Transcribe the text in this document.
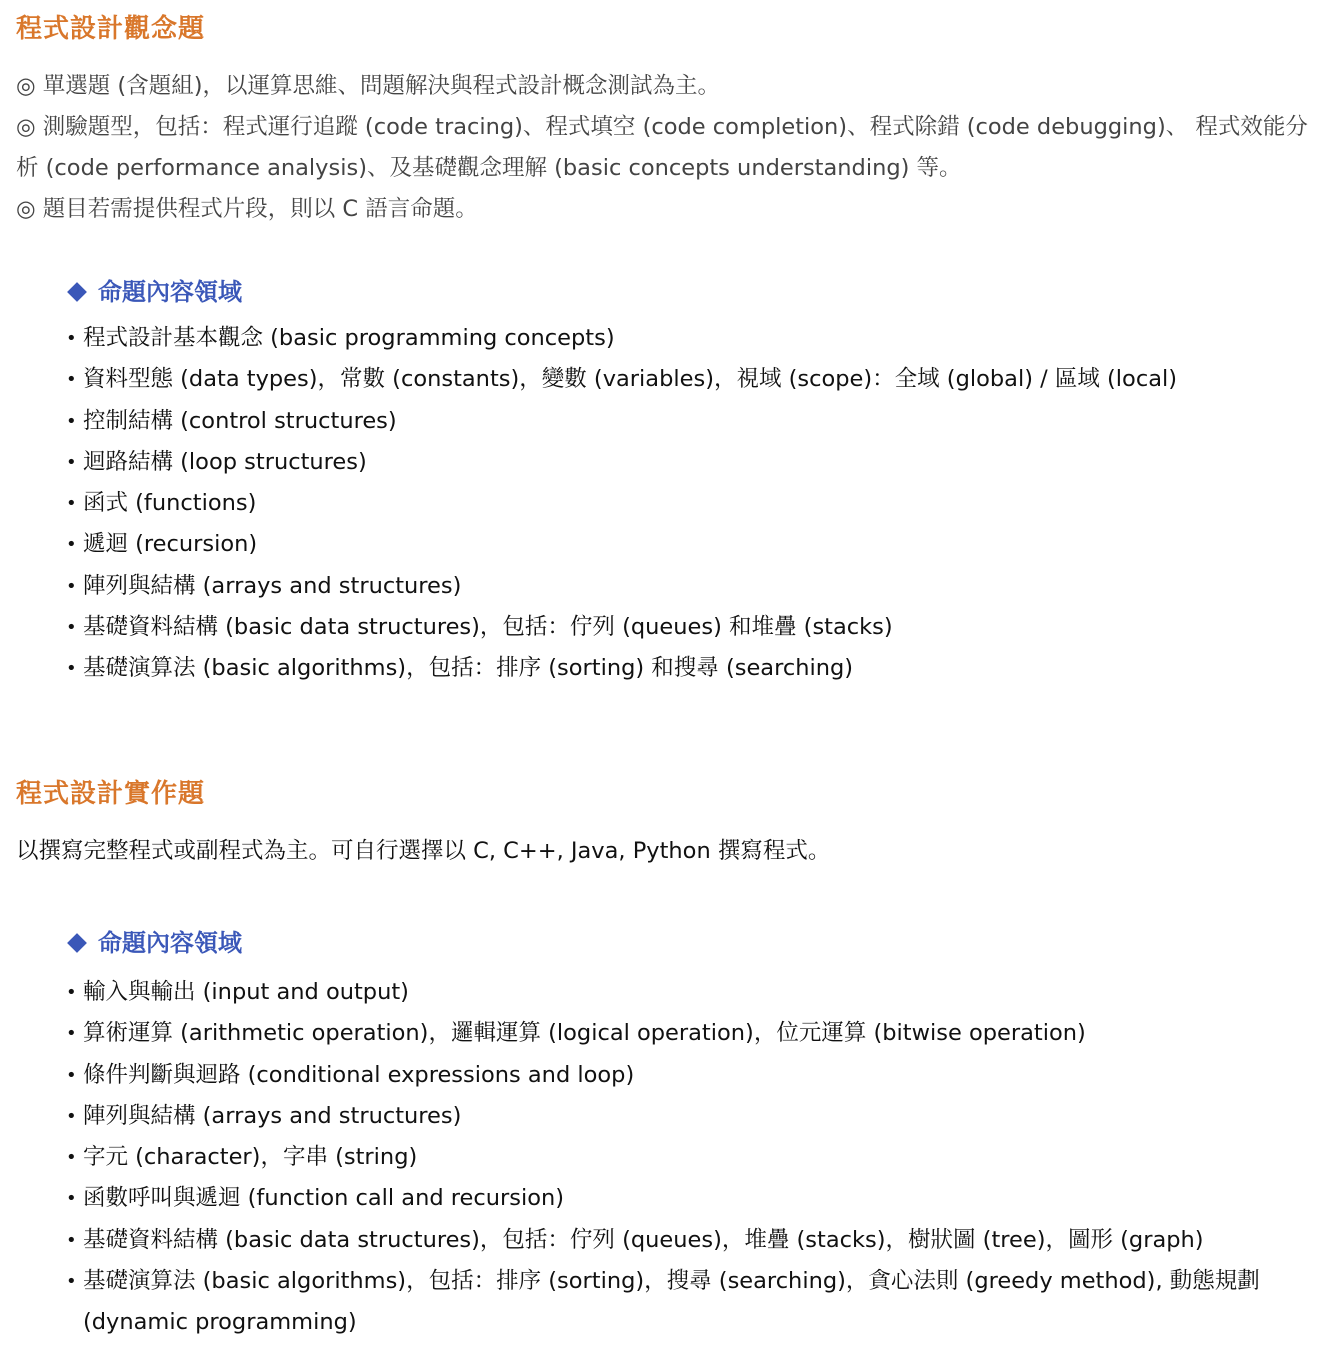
程式設計觀念題

◎ 單選題 (含題組)，以運算思維、問題解決與程式設計概念測試為主。

◎ 測驗題型，包括：程式運行追蹤 (code tracing)、程式填空 (code completion)、程式除錯 (code debugging)、 程式效能分析 (code performance analysis)、及基礎觀念理解 (basic concepts understanding) 等。

◎ 題目若需提供程式片段，則以 C 語言命題。

命題內容領域
• 程式設計基本觀念 (basic programming concepts)
• 資料型態 (data types)，常數 (constants)，變數 (variables)，視域 (scope)：全域 (global) / 區域 (local)
• 控制結構 (control structures)
• 迴路結構 (loop structures)
• 函式 (functions)
• 遞迴 (recursion)
• 陣列與結構 (arrays and structures)
• 基礎資料結構 (basic data structures)，包括：佇列 (queues) 和堆疊 (stacks)
• 基礎演算法 (basic algorithms)，包括：排序 (sorting) 和搜尋 (searching)
程式設計實作題

以撰寫完整程式或副程式為主。可自行選擇以 C, C++, Java, Python 撰寫程式。

命題內容領域
• 輸入與輸出 (input and output)
• 算術運算 (arithmetic operation)，邏輯運算 (logical operation)，位元運算 (bitwise operation)
• 條件判斷與迴路 (conditional expressions and loop)
• 陣列與結構 (arrays and structures)
• 字元 (character)，字串 (string)
• 函數呼叫與遞迴 (function call and recursion)
• 基礎資料結構 (basic data structures)，包括：佇列 (queues)，堆疊 (stacks)，樹狀圖 (tree)，圖形 (graph)
• 基礎演算法 (basic algorithms)，包括：排序 (sorting)，搜尋 (searching)，貪心法則 (greedy method), 動態規劃 (dynamic programming)
